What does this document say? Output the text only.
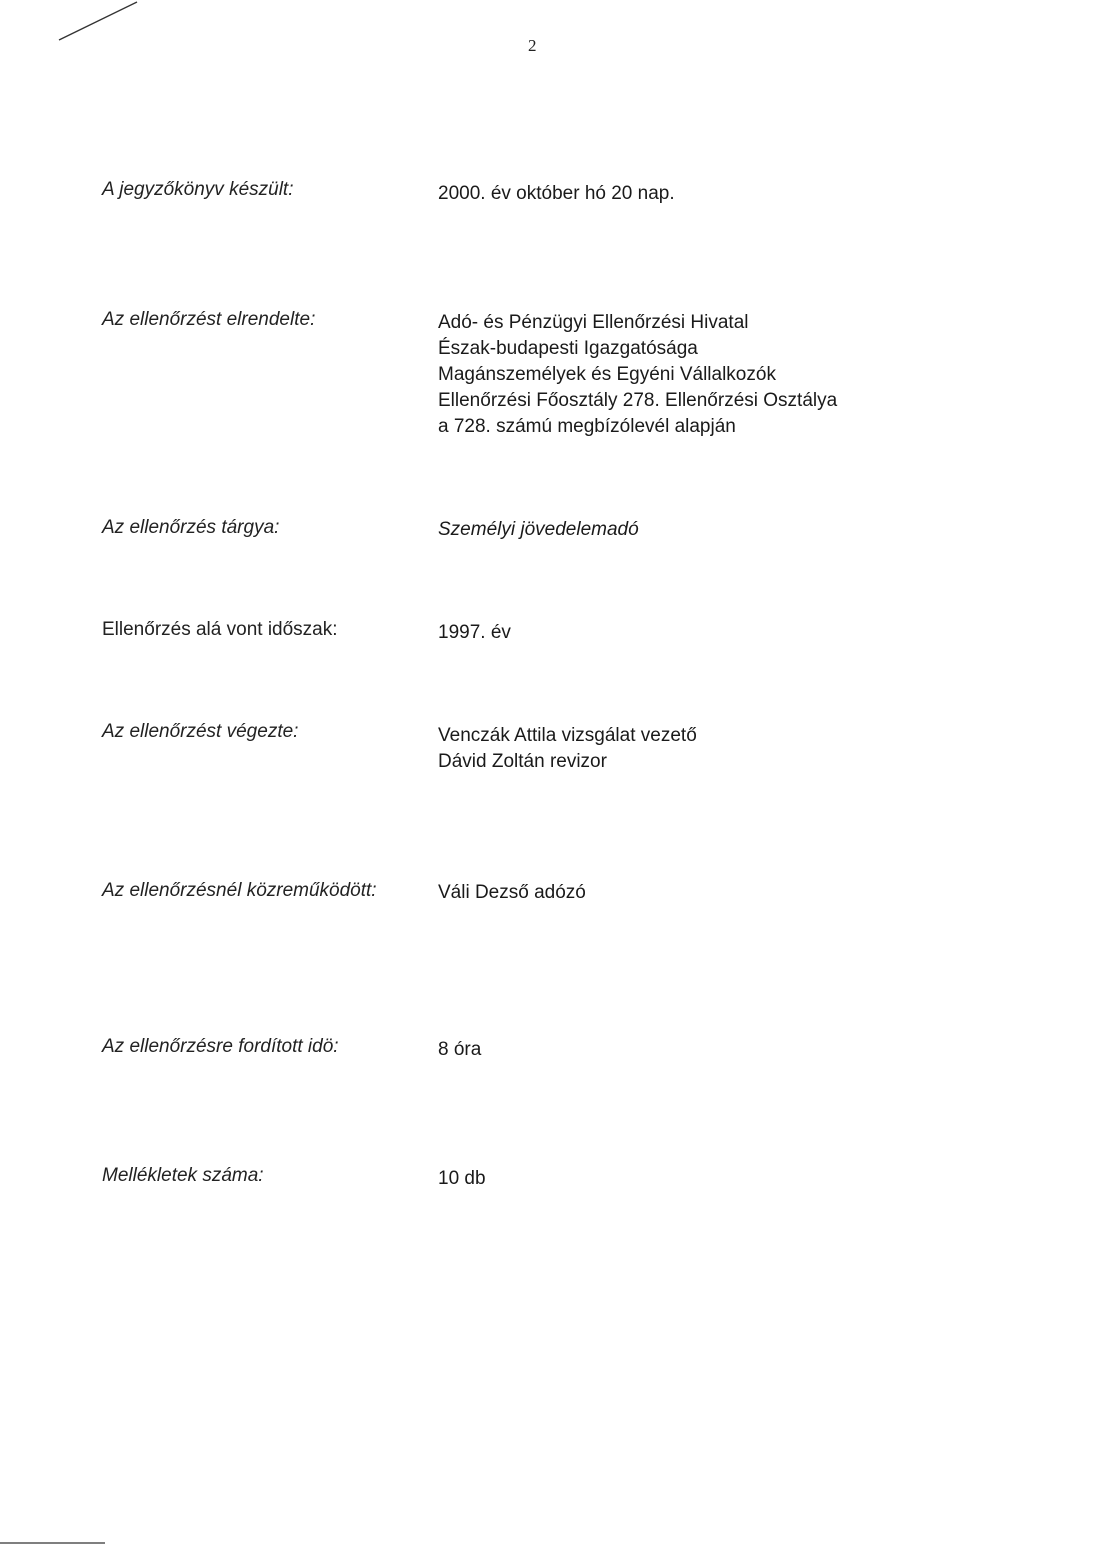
2
A jegyzőkönyv készült:	2000. év október hó 20 nap.
Az ellenőrzést elrendelte:	Adó- és Pénzügyi Ellenőrzési Hivatal
Észak-budapesti Igazgatósága
Magánszemélyek és Egyéni Vállalkozók
Ellenőrzési Főosztály 278. Ellenőrzési Osztálya
a 728. számú megbízólevél alapján
Az ellenőrzés tárgya:	Személyi jövedelemadó
Ellenőrzés alá vont időszak:	1997. év
Az ellenőrzést végezte:	Venczák Attila vizsgálat vezető
Dávid Zoltán revizor
Az ellenőrzésnél közreműködött:	Váli Dezső adózó
Az ellenőrzésre fordított idö:	8 óra
Mellékletek száma:	10 db
